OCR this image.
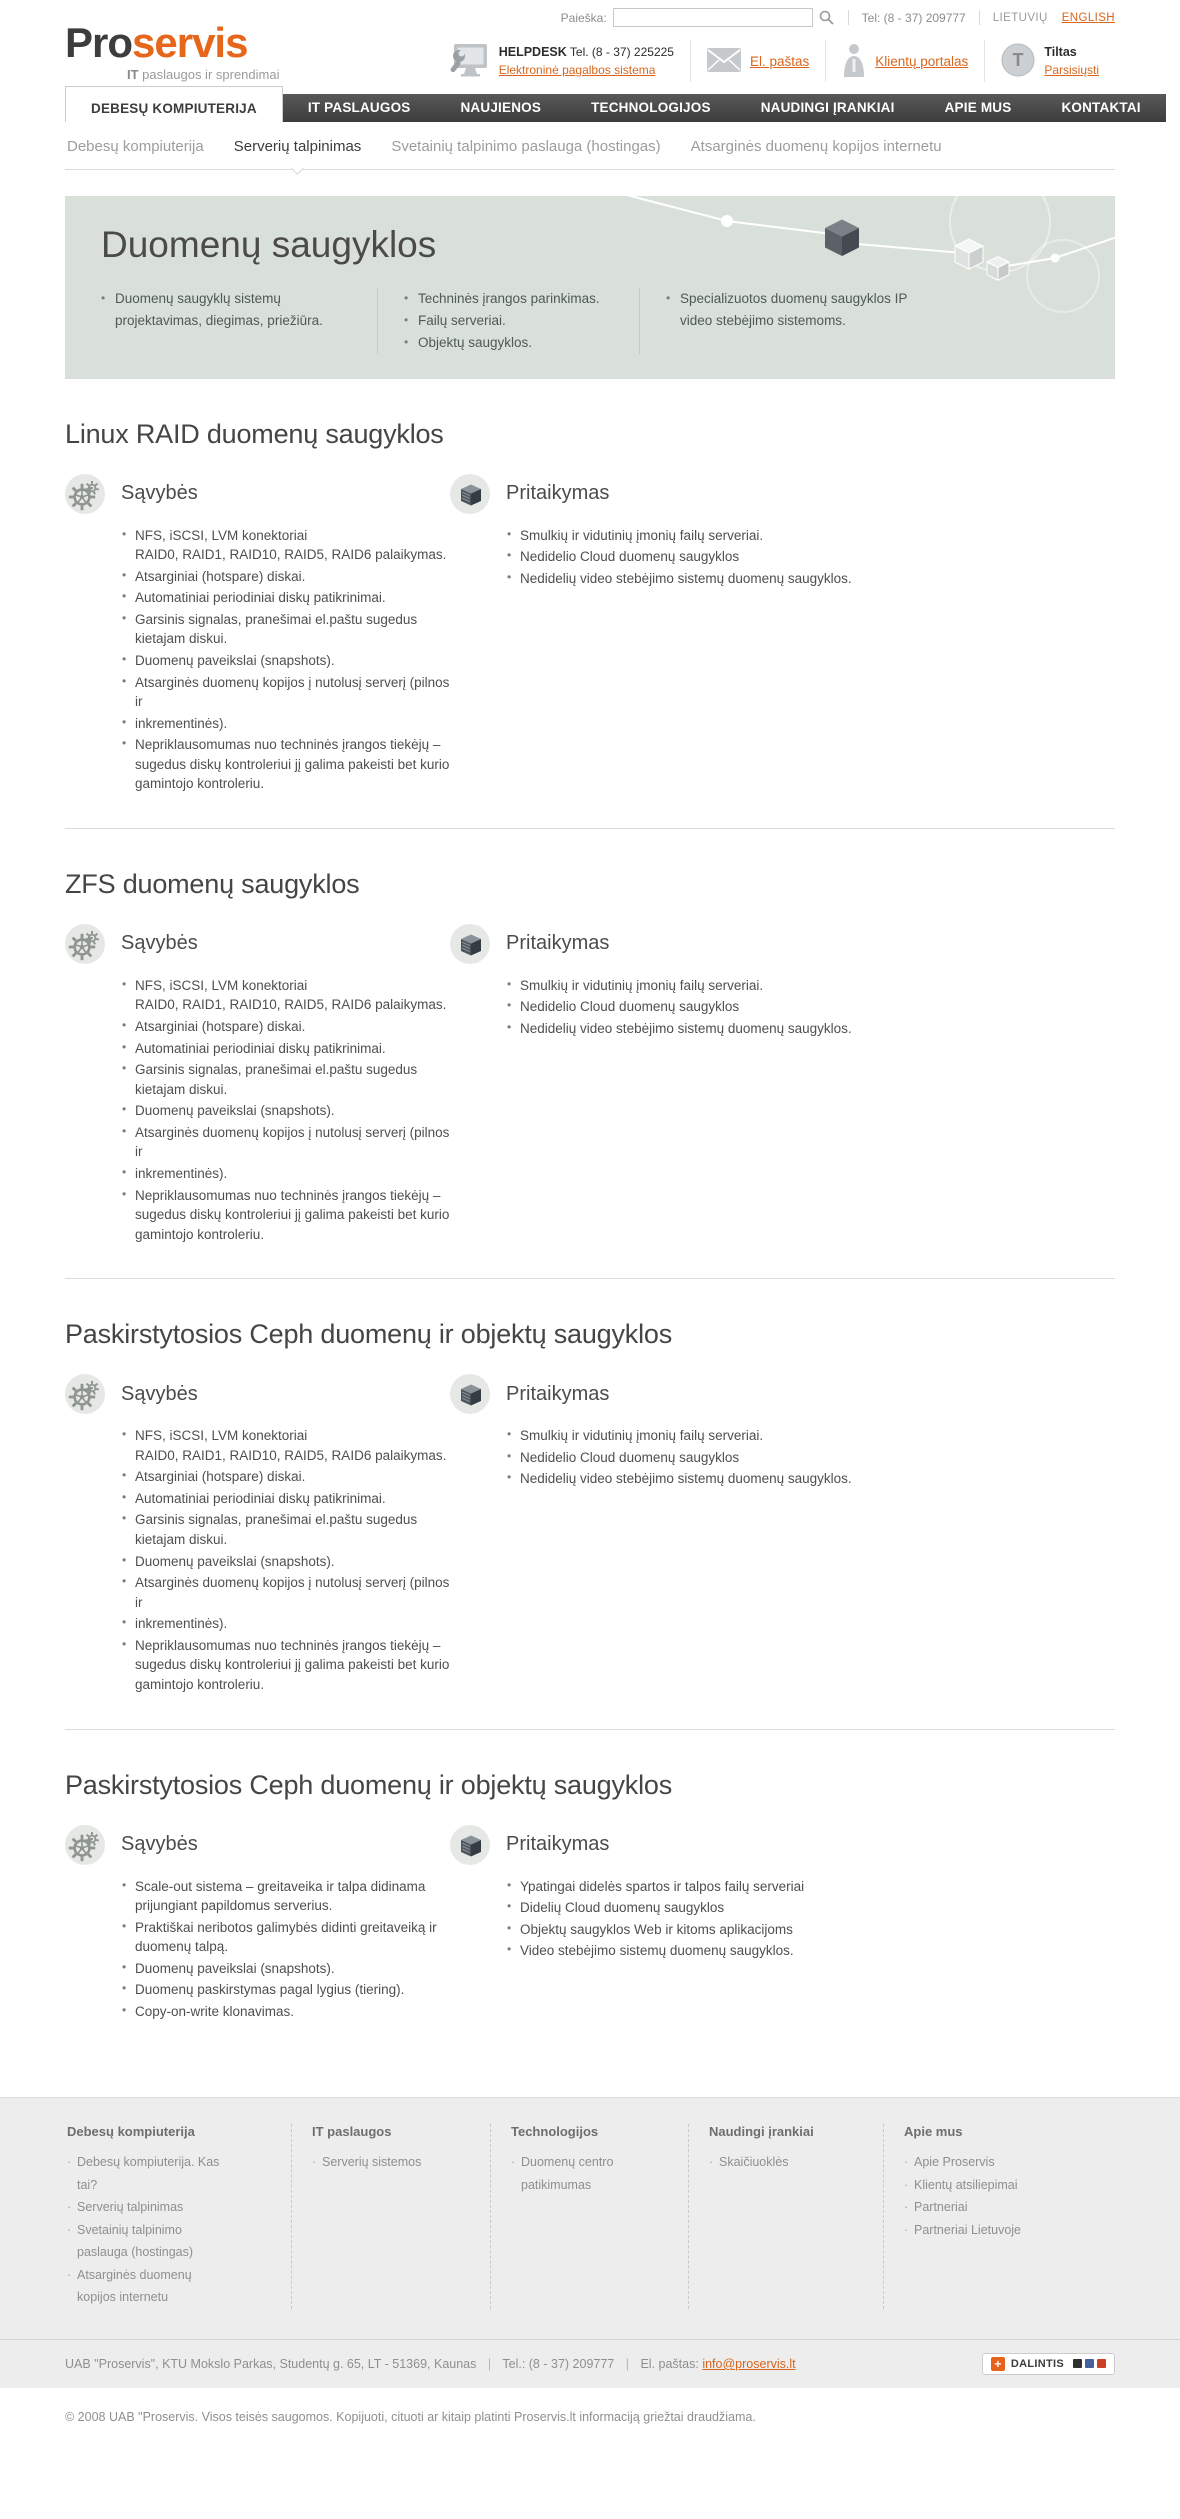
Proservis
IT paslaugos ir sprendimai
Paieška:	Tel: (8 - 37) 209777 LIETUVIŲ ENGLISH
HELPDESK Tel. (8 - 37) 225225
Elektroninė pagalbos sistema
El. paštas	Klientų portalas T Tiltas
Parsisiųsti
DEBESŲ KOMPIUTERIJA	IT PASLAUGOS	NAUJIENOS	TECHNOLOGIJOS	NAUDINGI ĮRANKIAI	APIE MUS	KONTAKTAI
Debesų kompiuterija Serverių talpinimas Svetainių talpinimo paslauga (hostingas) Atsarginės duomenų kopijos internetu
Duomenų saugyklos
• Duomenų saugyklų sistemų projektavimas, diegimas, priežiūra.
• Techninės įrangos parinkimas.
• Failų serveriai.
• Objektų saugyklos.
• Specializuotos duomenų saugyklos IP video stebėjimo sistemoms.
Linux RAID duomenų saugyklos
Sąvybės
• NFS, iSCSI, LVM konektoriai
RAID0, RAID1, RAID10, RAID5, RAID6 palaikymas.
• Atsarginiai (hotspare) diskai.
• Automatiniai periodiniai diskų patikrinimai.
• Garsinis signalas, pranešimai el.paštu sugedus kietajam diskui.
• Duomenų paveikslai (snapshots).
• Atsarginės duomenų kopijos į nutolusį serverį (pilnos ir
• inkrementinės).
• Nepriklausomumas nuo techninės įrangos tiekėjų – sugedus diskų kontroleriui jį galima pakeisti bet kurio gamintojo kontroleriu.
Pritaikymas
• Smulkių ir vidutinių įmonių failų serveriai.
• Nedidelio Cloud duomenų saugyklos
• Nedidelių video stebėjimo sistemų duomenų saugyklos.
ZFS duomenų saugyklos
Sąvybės
• NFS, iSCSI, LVM konektoriai
RAID0, RAID1, RAID10, RAID5, RAID6 palaikymas.
• Atsarginiai (hotspare) diskai.
• Automatiniai periodiniai diskų patikrinimai.
• Garsinis signalas, pranešimai el.paštu sugedus kietajam diskui.
• Duomenų paveikslai (snapshots).
• Atsarginės duomenų kopijos į nutolusį serverį (pilnos ir
• inkrementinės).
• Nepriklausomumas nuo techninės įrangos tiekėjų – sugedus diskų kontroleriui jį galima pakeisti bet kurio gamintojo kontroleriu.
Pritaikymas
• Smulkių ir vidutinių įmonių failų serveriai.
• Nedidelio Cloud duomenų saugyklos
• Nedidelių video stebėjimo sistemų duomenų saugyklos.
Paskirstytosios Ceph duomenų ir objektų saugyklos
Sąvybės
• NFS, iSCSI, LVM konektoriai
RAID0, RAID1, RAID10, RAID5, RAID6 palaikymas.
• Atsarginiai (hotspare) diskai.
• Automatiniai periodiniai diskų patikrinimai.
• Garsinis signalas, pranešimai el.paštu sugedus kietajam diskui.
• Duomenų paveikslai (snapshots).
• Atsarginės duomenų kopijos į nutolusį serverį (pilnos ir
• inkrementinės).
• Nepriklausomumas nuo techninės įrangos tiekėjų – sugedus diskų kontroleriui jį galima pakeisti bet kurio gamintojo kontroleriu.
Pritaikymas
• Smulkių ir vidutinių įmonių failų serveriai.
• Nedidelio Cloud duomenų saugyklos
• Nedidelių video stebėjimo sistemų duomenų saugyklos.
Paskirstytosios Ceph duomenų ir objektų saugyklos
Sąvybės
• Scale-out sistema – greitaveika ir talpa didinama prijungiant papildomus serverius.
• Praktiškai neribotos galimybės didinti greitaveiką ir duomenų talpą.
• Duomenų paveikslai (snapshots).
• Duomenų paskirstymas pagal lygius (tiering).
• Copy-on-write klonavimas.
Pritaikymas
• Ypatingai didelės spartos ir talpos failų serveriai
• Didelių Cloud duomenų saugyklos
• Objektų saugyklos Web ir kitoms aplikacijoms
• Video stebėjimo sistemų duomenų saugyklos.
Debesų kompiuterija
· Debesų kompiuterija. Kas tai?
· Serverių talpinimas
· Svetainių talpinimo paslauga (hostingas)
· Atsarginės duomenų kopijos internetu
IT paslaugos
· Serverių sistemos
Technologijos
· Duomenų centro patikimumas
Naudingi įrankiai
· Skaičiuoklės
Apie mus
· Apie Proservis
· Klientų atsiliepimai
· Partneriai
· Partneriai Lietuvoje
UAB "Proservis", KTU Mokslo Parkas, Studentų g. 65, LT - 51369, Kaunas | Tel.: (8 - 37) 209777 | El. paštas: info@proservis.lt	+ DALINTIS

© 2008 UAB "Proservis. Visos teisės saugomos. Kopijuoti, cituoti ar kitaip platinti Proservis.lt informaciją griežtai draudžiama.
